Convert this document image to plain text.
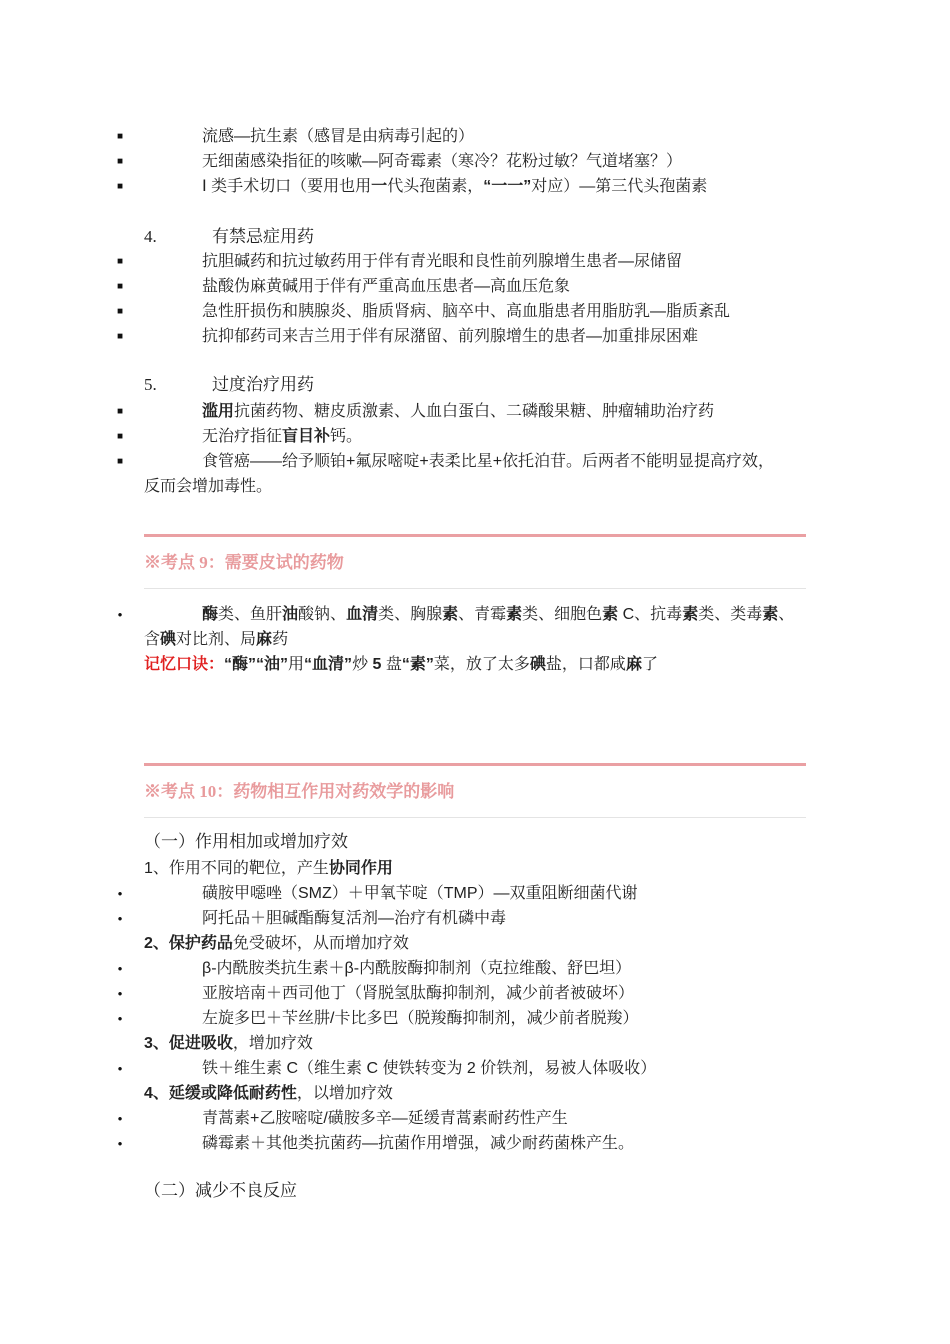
■	流感—抗生素（感冒是由病毒引起的）
■	无细菌感染指征的咳嗽—阿奇霉素（寒冷？花粉过敏？气道堵塞？）
■	Ⅰ 类手术切口（要用也用一代头孢菌素，“一一”对应）—第三代头孢菌素
4.	有禁忌症用药
■	抗胆碱药和抗过敏药用于伴有青光眼和良性前列腺增生患者—尿储留
■	盐酸伪麻黄碱用于伴有严重高血压患者—高血压危象
■	急性肝损伤和胰腺炎、脂质肾病、脑卒中、高血脂患者用脂肪乳—脂质紊乱
■	抗抑郁药司来吉兰用于伴有尿潴留、前列腺增生的患者—加重排尿困难
5.	过度治疗用药
■	滥用抗菌药物、糖皮质激素、人血白蛋白、二磷酸果糖、肿瘤辅助治疗药
■	无治疗指征盲目补钙。
■	食管癌——给予顺铂+氟尿嘧啶+表柔比星+依托泊苷。后两者不能明显提高疗效，
反而会增加毒性。
※考点 9：需要皮试的药物
•	酶类、鱼肝油酸钠、血清类、胸腺素、青霉素类、细胞色素 C、抗毒素类、类毒素、
含碘对比剂、局麻药
记忆口诀：“酶”“油”用“血清”炒 5 盘“素”菜，放了太多碘盐，口都咸麻了
※考点 10：药物相互作用对药效学的影响
（一）作用相加或增加疗效
1、作用不同的靶位，产生协同作用
•	磺胺甲噁唑（SMZ）＋甲氧苄啶（TMP）—双重阻断细菌代谢
•	阿托品＋胆碱酯酶复活剂—治疗有机磷中毒
2、保护药品免受破坏，从而增加疗效
•	β-内酰胺类抗生素＋β-内酰胺酶抑制剂（克拉维酸、舒巴坦）
•	亚胺培南＋西司他丁（肾脱氢肽酶抑制剂，减少前者被破坏）
•	左旋多巴＋苄丝肼/卡比多巴（脱羧酶抑制剂，减少前者脱羧）
3、促进吸收，增加疗效
•	铁＋维生素 C（维生素 C 使铁转变为 2 价铁剂，易被人体吸收）
4、延缓或降低耐药性，以增加疗效
•	青蒿素+乙胺嘧啶/磺胺多辛—延缓青蒿素耐药性产生
•	磷霉素＋其他类抗菌药—抗菌作用增强，减少耐药菌株产生。
（二）减少不良反应
